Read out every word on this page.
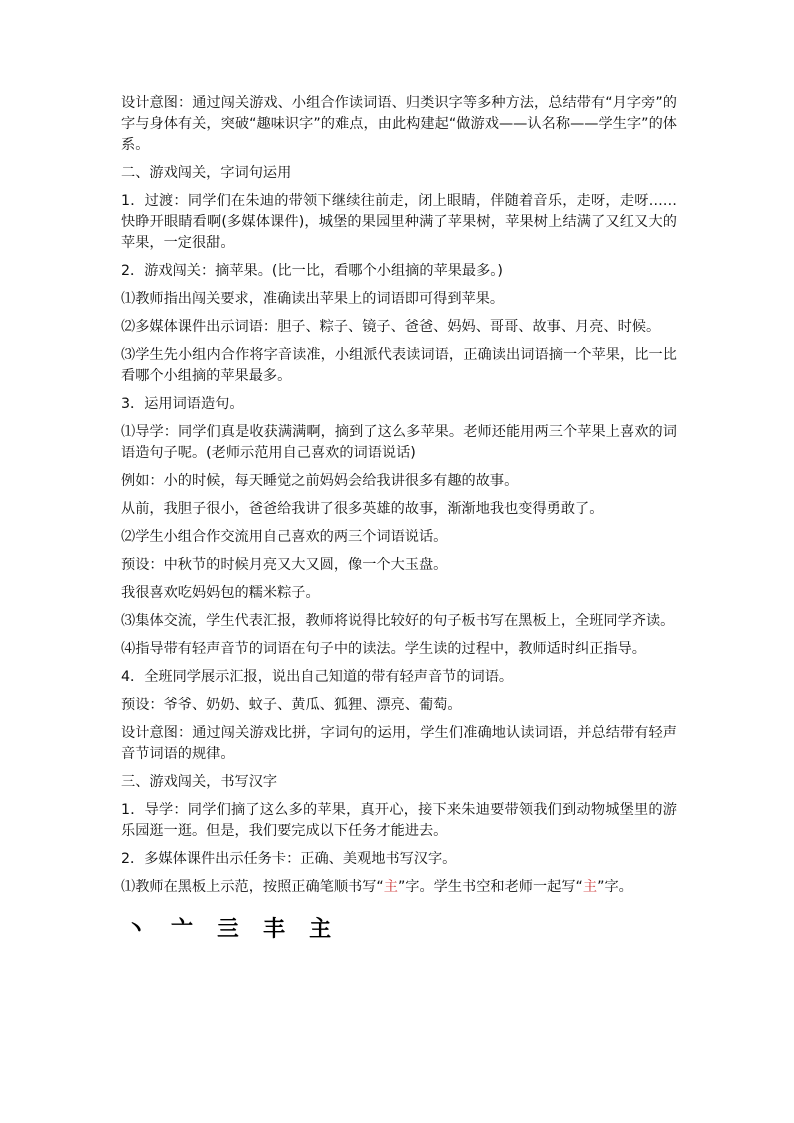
设计意图：通过闯关游戏、小组合作读词语、归类识字等多种方法，总结带有“月字旁”的字与身体有关，突破“趣味识字”的难点，由此构建起“做游戏——认名称——学生字”的体系。

二、游戏闯关，字词句运用

1．过渡：同学们在朱迪的带领下继续往前走，闭上眼睛，伴随着音乐，走呀，走呀……快睁开眼睛看啊(多媒体课件)，城堡的果园里种满了苹果树，苹果树上结满了又红又大的苹果，一定很甜。

2．游戏闯关：摘苹果。(比一比，看哪个小组摘的苹果最多。)

⑴教师指出闯关要求，准确读出苹果上的词语即可得到苹果。

⑵多媒体课件出示词语：胆子、粽子、镜子、爸爸、妈妈、哥哥、故事、月亮、时候。

⑶学生先小组内合作将字音读准，小组派代表读词语，正确读出词语摘一个苹果，比一比看哪个小组摘的苹果最多。

3．运用词语造句。

⑴导学：同学们真是收获满满啊，摘到了这么多苹果。老师还能用两三个苹果上喜欢的词语造句子呢。(老师示范用自己喜欢的词语说话)

例如：小的时候，每天睡觉之前妈妈会给我讲很多有趣的故事。

从前，我胆子很小，爸爸给我讲了很多英雄的故事，渐渐地我也变得勇敢了。

⑵学生小组合作交流用自己喜欢的两三个词语说话。

预设：中秋节的时候月亮又大又圆，像一个大玉盘。

我很喜欢吃妈妈包的糯米粽子。

⑶集体交流，学生代表汇报，教师将说得比较好的句子板书写在黑板上，全班同学齐读。

⑷指导带有轻声音节的词语在句子中的读法。学生读的过程中，教师适时纠正指导。

4．全班同学展示汇报，说出自己知道的带有轻声音节的词语。

预设：爷爷、奶奶、蚊子、黄瓜、狐狸、漂亮、葡萄。

设计意图：通过闯关游戏比拼，字词句的运用，学生们准确地认读词语，并总结带有轻声音节词语的规律。

三、游戏闯关，书写汉字

1．导学：同学们摘了这么多的苹果，真开心，接下来朱迪要带领我们到动物城堡里的游乐园逛一逛。但是，我们要完成以下任务才能进去。

2．多媒体课件出示任务卡：正确、美观地书写汉字。

⑴教师在黑板上示范，按照正确笔顺书写“主”字。学生书空和老师一起写“主”字。

丶 亠 亖 丰 主
